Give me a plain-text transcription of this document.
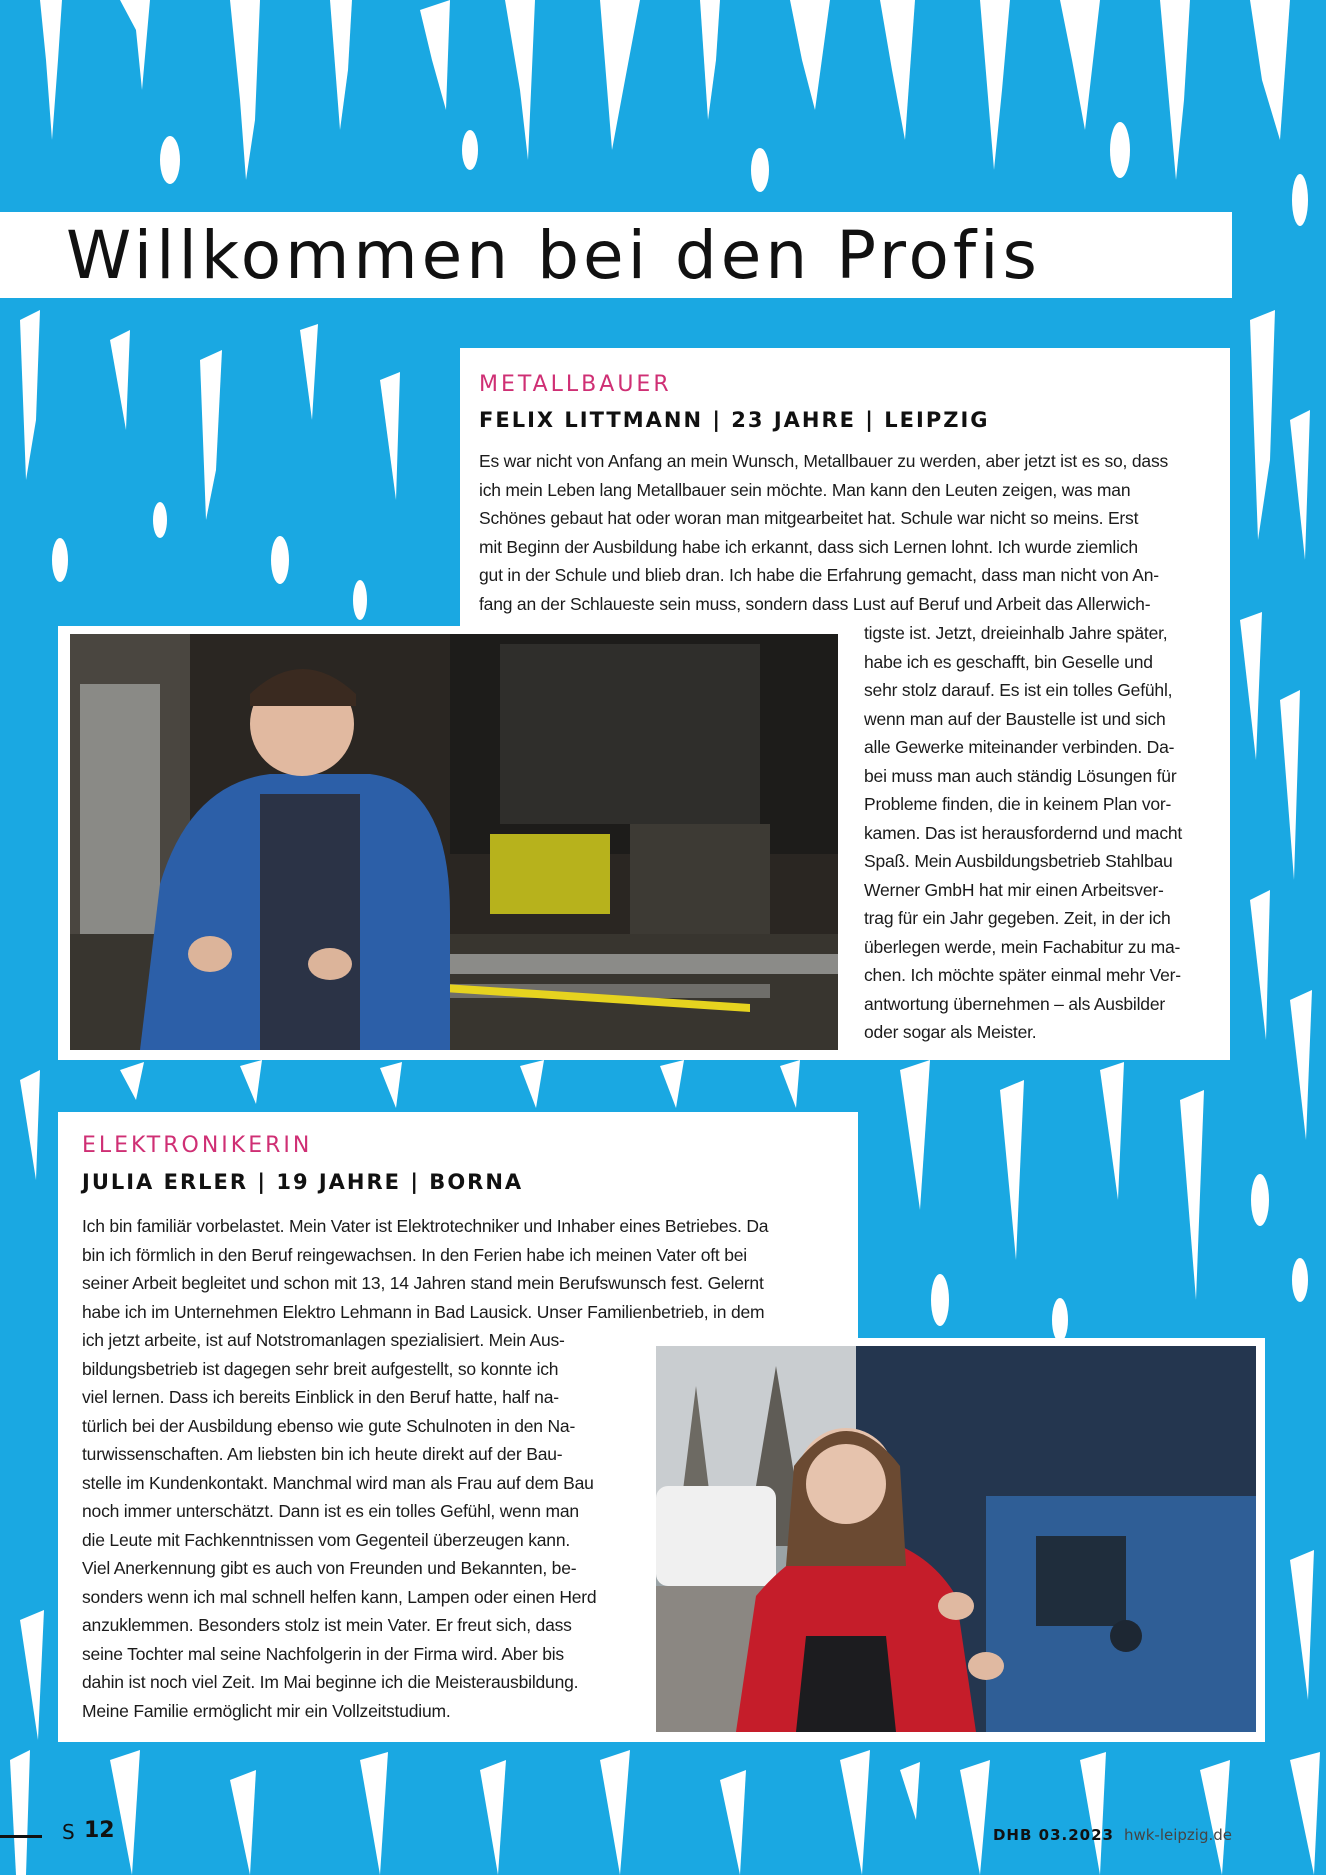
Willkommen bei den Profis
METALLBAUER
FELIX LITTMANN | 23 JAHRE | LEIPZIG
Es war nicht von Anfang an mein Wunsch, Metallbauer zu werden, aber jetzt ist es so, dass
ich mein Leben lang Metallbauer sein möchte. Man kann den Leuten zeigen, was man
Schönes gebaut hat oder woran man mitgearbeitet hat. Schule war nicht so meins. Erst
mit Beginn der Ausbildung habe ich erkannt, dass sich Lernen lohnt. Ich wurde ziemlich
gut in der Schule und blieb dran. Ich habe die Erfahrung gemacht, dass man nicht von An-
fang an der Schlaueste sein muss, sondern dass Lust auf Beruf und Arbeit das Allerwich-
tigste ist. Jetzt, dreieinhalb Jahre später,
habe ich es geschafft, bin Geselle und
sehr stolz darauf. Es ist ein tolles Gefühl,
wenn man auf der Baustelle ist und sich
alle Gewerke miteinander verbinden. Da-
bei muss man auch ständig Lösungen für
Probleme finden, die in keinem Plan vor-
kamen. Das ist herausfordernd und macht
Spaß. Mein Ausbildungsbetrieb Stahlbau
Werner GmbH hat mir einen Arbeitsver-
trag für ein Jahr gegeben. Zeit, in der ich
überlegen werde, mein Fachabitur zu ma-
chen. Ich möchte später einmal mehr Ver-
antwortung übernehmen – als Ausbilder
oder sogar als Meister.
ELEKTRONIKERIN
JULIA ERLER | 19 JAHRE | BORNA
Ich bin familiär vorbelastet. Mein Vater ist Elektrotechniker und Inhaber eines Betriebes. Da
bin ich förmlich in den Beruf reingewachsen. In den Ferien habe ich meinen Vater oft bei
seiner Arbeit begleitet und schon mit 13, 14 Jahren stand mein Berufswunsch fest. Gelernt
habe ich im Unternehmen Elektro Lehmann in Bad Lausick. Unser Familienbetrieb, in dem
ich jetzt arbeite, ist auf Notstromanlagen spezialisiert. Mein Aus-
bildungsbetrieb ist dagegen sehr breit aufgestellt, so konnte ich
viel lernen. Dass ich bereits Einblick in den Beruf hatte, half na-
türlich bei der Ausbildung ebenso wie gute Schulnoten in den Na-
turwissenschaften. Am liebsten bin ich heute direkt auf der Bau-
stelle im Kundenkontakt. Manchmal wird man als Frau auf dem Bau
noch immer unterschätzt. Dann ist es ein tolles Gefühl, wenn man
die Leute mit Fachkenntnissen vom Gegenteil überzeugen kann.
Viel Anerkennung gibt es auch von Freunden und Bekannten, be-
sonders wenn ich mal schnell helfen kann, Lampen oder einen Herd
anzuklemmen. Besonders stolz ist mein Vater. Er freut sich, dass
seine Tochter mal seine Nachfolgerin in der Firma wird. Aber bis
dahin ist noch viel Zeit. Im Mai beginne ich die Meisterausbildung.
Meine Familie ermöglicht mir ein Vollzeitstudium.
S 12	DHB 03.2023 hwk-leipzig.de
